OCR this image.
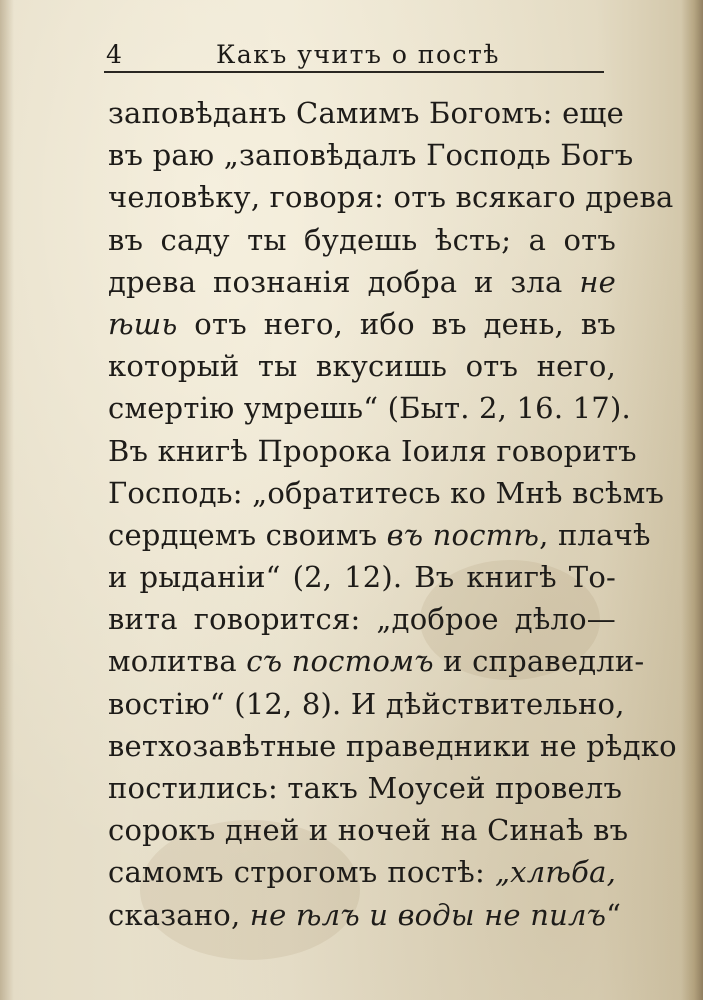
4	Какъ учитъ о постѣ
заповѣданъ Самимъ Богомъ: еще
въ раю „заповѣдалъ Господь Богъ
человѣку, говоря: отъ всякаго древа
въ саду ты будешь ѣсть; а отъ
древа познанія добра и зла не
ѣшь отъ него, ибо въ день, въ
который ты вкусишь отъ него,
смертію умрешь“ (Быт. 2, 16. 17).
Въ книгѣ Пророка Іоиля говоритъ
Господь: „обратитесь ко Мнѣ всѣмъ
сердцемъ своимъ въ постѣ, плачѣ
и рыданіи“ (2, 12). Въ книгѣ То-
вита говорится: „доброе дѣло—
молитва съ постомъ и справедли-
востію“ (12, 8). И дѣйствительно,
ветхозавѣтные праведники не рѣдко
постились: такъ Моусей провелъ
сорокъ дней и ночей на Синаѣ въ
самомъ строгомъ постѣ: „хлѣба,
сказано, не ѣлъ и воды не пилъ“
